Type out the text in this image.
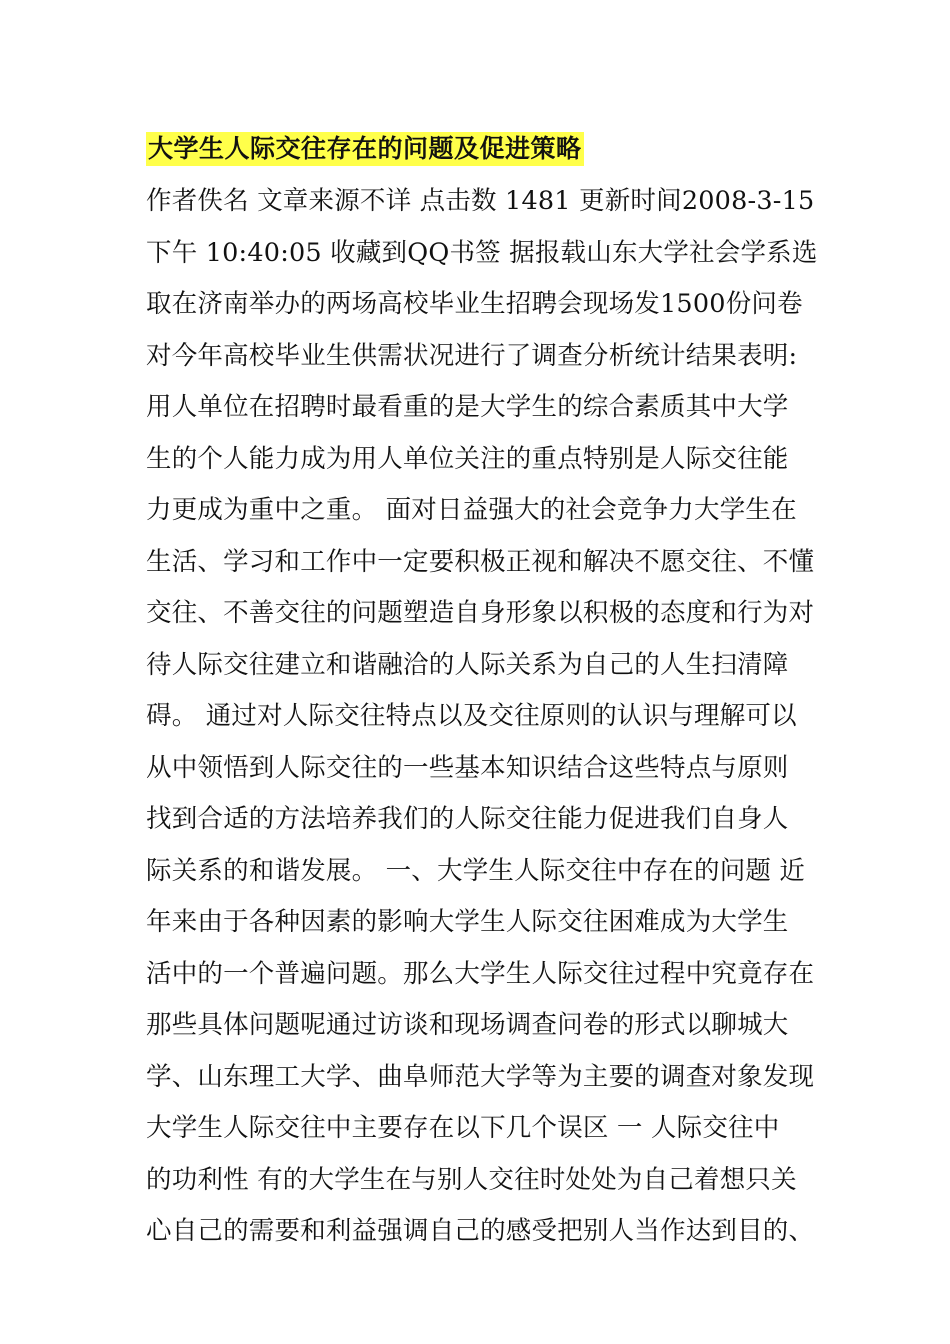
大学生人际交往存在的问题及促进策略
作者佚名 文章来源不详 点击数 1481 更新时间2008-3-15
下午 10:40:05 收藏到QQ书签 据报载山东大学社会学系选
取在济南举办的两场高校毕业生招聘会现场发1500份问卷
对今年高校毕业生供需状况进行了调查分析统计结果表明:
用人单位在招聘时最看重的是大学生的综合素质其中大学
生的个人能力成为用人单位关注的重点特别是人际交往能
力更成为重中之重。 面对日益强大的社会竞争力大学生在
生活、学习和工作中一定要积极正视和解决不愿交往、不懂
交往、不善交往的问题塑造自身形象以积极的态度和行为对
待人际交往建立和谐融洽的人际关系为自己的人生扫清障
碍。 通过对人际交往特点以及交往原则的认识与理解可以
从中领悟到人际交往的一些基本知识结合这些特点与原则
找到合适的方法培养我们的人际交往能力促进我们自身人
际关系的和谐发展。 一、大学生人际交往中存在的问题 近
年来由于各种因素的影响大学生人际交往困难成为大学生
活中的一个普遍问题。那么大学生人际交往过程中究竟存在
那些具体问题呢通过访谈和现场调查问卷的形式以聊城大
学、山东理工大学、曲阜师范大学等为主要的调查对象发现
大学生人际交往中主要存在以下几个误区 一 人际交往中
的功利性 有的大学生在与别人交往时处处为自己着想只关
心自己的需要和利益强调自己的感受把别人当作达到目的、
